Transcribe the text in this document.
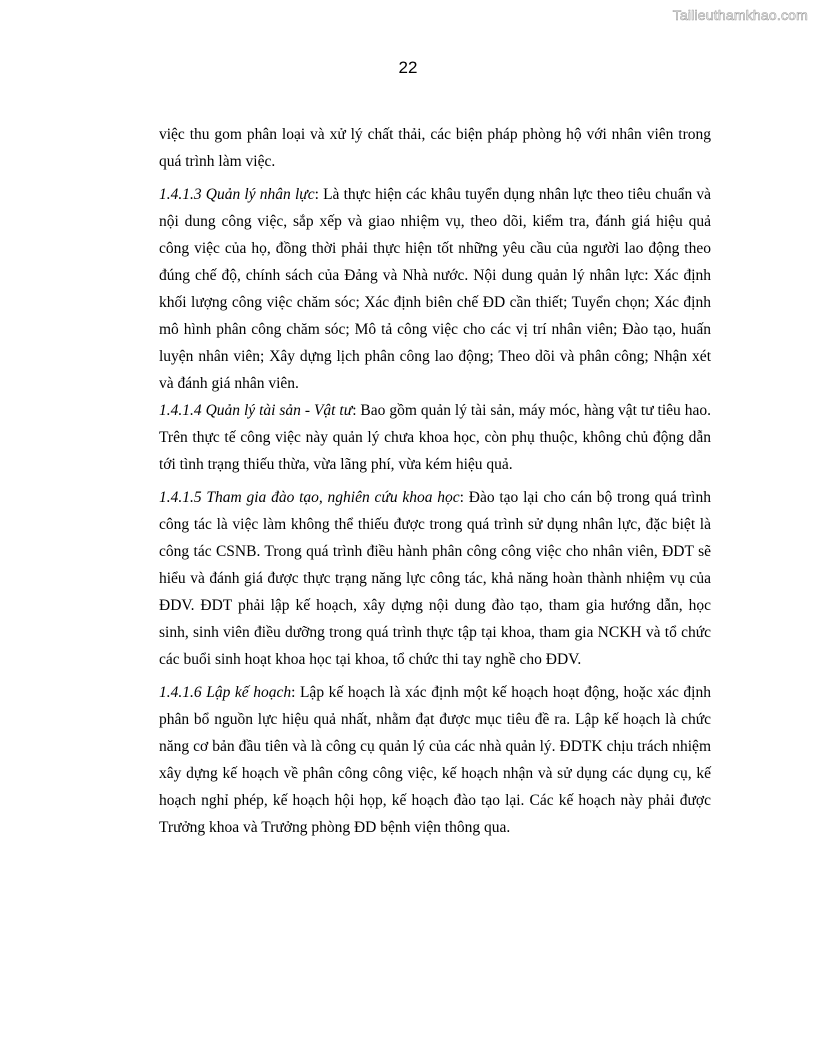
Tailieuthamkhao.com
22

việc thu gom phân loại và xử lý chất thải, các biện pháp phòng hộ với nhân viên trong quá trình làm việc.

1.4.1.3 Quản lý nhân lực: Là thực hiện các khâu tuyển dụng nhân lực theo tiêu chuẩn và nội dung công việc, sắp xếp và giao nhiệm vụ, theo dõi, kiểm tra, đánh giá hiệu quả công việc của họ, đồng thời phải thực hiện tốt những yêu cầu của người lao động theo đúng chế độ, chính sách của Đảng và Nhà nước. Nội dung quản lý nhân lực: Xác định khối lượng công việc chăm sóc; Xác định biên chế ĐD cần thiết; Tuyển chọn; Xác định mô hình phân công chăm sóc; Mô tả công việc cho các vị trí nhân viên; Đào tạo, huấn luyện nhân viên; Xây dựng lịch phân công lao động; Theo dõi và phân công; Nhận xét và đánh giá nhân viên.

1.4.1.4 Quản lý tài sản - Vật tư: Bao gồm quản lý tài sản, máy móc, hàng vật tư tiêu hao. Trên thực tế công việc này quản lý chưa khoa học, còn phụ thuộc, không chủ động dẫn tới tình trạng thiếu thừa, vừa lãng phí, vừa kém hiệu quả.

1.4.1.5 Tham gia đào tạo, nghiên cứu khoa học: Đào tạo lại cho cán bộ trong quá trình công tác là việc làm không thể thiếu được trong quá trình sử dụng nhân lực, đặc biệt là công tác CSNB. Trong quá trình điều hành phân công công việc cho nhân viên, ĐDT sẽ hiểu và đánh giá được thực trạng năng lực công tác, khả năng hoàn thành nhiệm vụ của ĐDV. ĐDT phải lập kế hoạch, xây dựng nội dung đào tạo, tham gia hướng dẫn, học sinh, sinh viên điều dưỡng trong quá trình thực tập tại khoa, tham gia NCKH và tổ chức các buổi sinh hoạt khoa học tại khoa, tổ chức thi tay nghề cho ĐDV.

1.4.1.6 Lập kế hoạch: Lập kế hoạch là xác định một kế hoạch hoạt động, hoặc xác định phân bổ nguồn lực hiệu quả nhất, nhằm đạt được mục tiêu đề ra. Lập kế hoạch là chức năng cơ bản đầu tiên và là công cụ quản lý của các nhà quản lý. ĐDTK chịu trách nhiệm xây dựng kế hoạch về phân công công việc, kế hoạch nhận và sử dụng các dụng cụ, kế hoạch nghỉ phép, kế hoạch hội họp, kế hoạch đào tạo lại. Các kế hoạch này phải được Trưởng khoa và Trưởng phòng ĐD bệnh viện thông qua.
